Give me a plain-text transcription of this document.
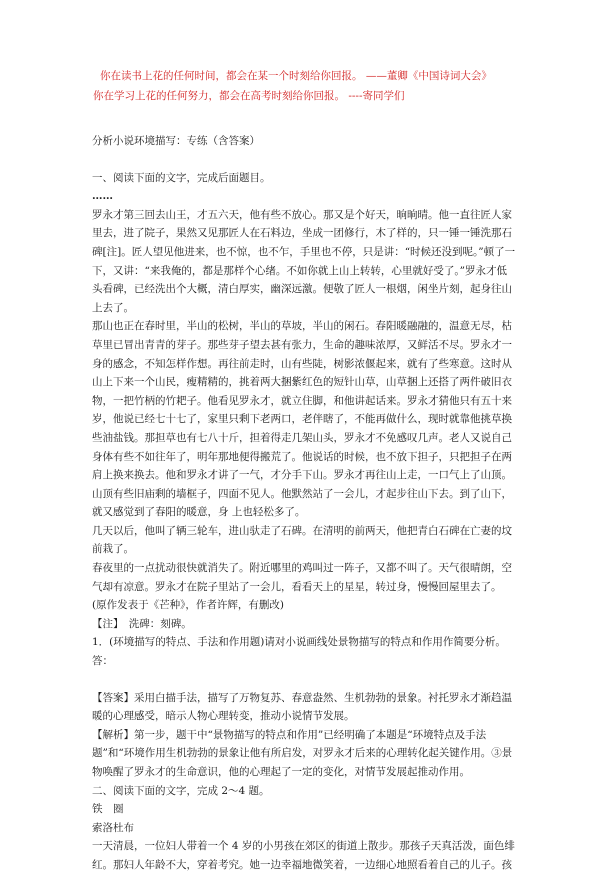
你在读书上花的任何时间，都会在某一个时刻给你回报。 ——董卿《中国诗词大会》
你在学习上花的任何努力，都会在高考时刻给你回报。 ----寄同学们

分析小说环境描写：专练（含答案）

一、阅读下面的文字，完成后面题目。

……

罗永才第三回去山王，才五六天，他有些不放心。那又是个好天，晌晌晴。他一直往匠人家里去，进了院子，果然又见那匠人在石料边，坐成一团修行，木了样的，只一锤一锤洗那石碑[注]。匠人望见他进来，也不惊，也不乍，手里也不停，只是讲：“时候还没到呢。”顿了一下，又讲：“来我俺的，都是那样个心绪。不如你就上山上转转，心里就好受了。”罗永才低头看碑，已经洗出个大概，清白厚实，幽深远激。便敬了匠人一根烟，闲坐片刻，起身往山上去了。

那山也正在春时里，半山的松树，半山的草坡，半山的闲石。春阳暖融融的，温意无尽，枯草里已冒出青青的芽子。那些芽子望去甚有张力，生命的趣味浓厚，又鲜活不尽。罗永才一身的感念，不知怎样作想。再往前走时，山有些陡，树影浓偃起来，就有了些寒意。这时从山上下来一个山民，瘦精精的，挑着两大捆紫红色的短针山草，山草捆上还搭了两件破旧衣物，一把竹柄的竹耙子。他看见罗永才，就立住脚，和他讲起话来。罗永才猜他只有五十来岁，他说已经七十七了，家里只剩下老两口，老伴瞎了，不能再做什么，现时就靠他挑草换些油盐钱。那担草也有七八十斤，担着得走几架山头，罗永才不免感叹几声。老人又说自己身体有些不如往年了，明年那地便得搬荒了。他说话的时候，也不放下担子，只把担子在两肩上换来换去。他和罗永才讲了一气，才分手下山。罗永才再往山上走，一口气上了山顶。山顶有些旧庙剩的墙框子，四面不见人。他默然站了一会儿，才起步往山下去。到了山下，就又感觉到了春阳的暖意，身 上也轻松多了。

几天以后，他叫了辆三轮车，进山驮走了石碑。在清明的前两天，他把青白石碑在亡妻的坟前栽了。

春夜里的一点扰动很快就消失了。附近哪里的鸡叫过一阵子，又都不叫了。天气很晴朗，空气却有凉意。罗永才在院子里站了一会儿，看看天上的星星，转过身，慢慢回屋里去了。

(原作发表于《芒种》，作者许辉，有删改)

【注】　 洗碑：刻碑。

1．(环境描写的特点、手法和作用题)请对小说画线处景物描写的特点和作用作简要分析。

答：

【答案】采用白描手法，描写了万物复苏、春意盎然、生机勃勃的景象。衬托罗永才渐趋温暖的心理感受，暗示人物心理转变，推动小说情节发展。

【解析】第一步，题干中“景物描写的特点和作用”已经明确了本题是“环境特点及手法题”和“环境作用生机勃勃的景象让他有所启发，对罗永才后来的心理转化起关键作用。③景物唤醒了罗永才的生命意识，他的心理起了一定的变化，对情节发展起推动作用。

二、阅读下面的文字，完成 2～4 题。

铁　圈

索洛杜布

一天清晨，一位妇人带着一个 4 岁的小男孩在郊区的街道上散步。那孩子天真活泼，面色绯红。那妇人年龄不大，穿着考究。她一边幸福地微笑着，一边细心地照看着自己的儿子。孩
